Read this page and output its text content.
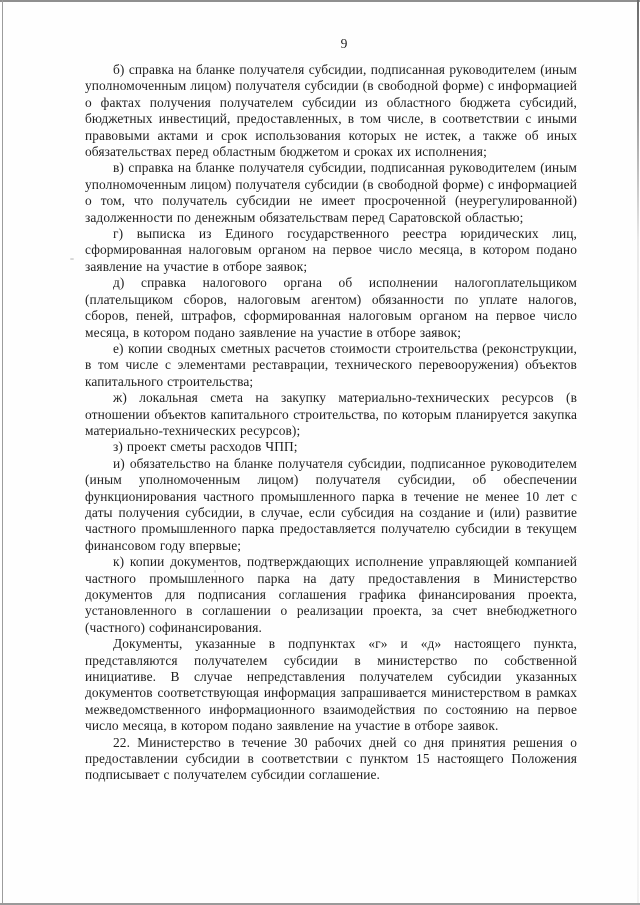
9

б) справка на бланке получателя субсидии, подписанная руководителем (иным уполномоченным лицом) получателя субсидии (в свободной форме) с информацией о фактах получения получателем субсидии из областного бюджета субсидий, бюджетных инвестиций, предоставленных, в том числе, в соответствии с иными правовыми актами и срок использования которых не истек, а также об иных обязательствах перед областным бюджетом и сроках их исполнения;

в) справка на бланке получателя субсидии, подписанная руководителем (иным уполномоченным лицом) получателя субсидии (в свободной форме) с информацией о том, что получатель субсидии не имеет просроченной (неурегулированной) задолженности по денежным обязательствам перед Саратовской областью;

г) выписка из Единого государственного реестра юридических лиц, сформированная налоговым органом на первое число месяца, в котором подано заявление на участие в отборе заявок;

д) справка налогового органа об исполнении налогоплательщиком (плательщиком сборов, налоговым агентом) обязанности по уплате налогов, сборов, пеней, штрафов, сформированная налоговым органом на первое число месяца, в котором подано заявление на участие в отборе заявок;

е) копии сводных сметных расчетов стоимости строительства (реконструкции, в том числе с элементами реставрации, технического перевооружения) объектов капитального строительства;

ж) локальная смета на закупку материально-технических ресурсов (в отношении объектов капитального строительства, по которым планируется закупка материально-технических ресурсов);

з) проект сметы расходов ЧПП;

и) обязательство на бланке получателя субсидии, подписанное руководителем (иным уполномоченным лицом) получателя субсидии, об обеспечении функционирования частного промышленного парка в течение не менее 10 лет с даты получения субсидии, в случае, если субсидия на создание и (или) развитие частного промышленного парка предоставляется получателю субсидии в текущем финансовом году впервые;

к) копии документов, подтверждающих исполнение управляющей компанией частного промышленного парка на дату предоставления в Министерство документов для подписания соглашения графика финансирования проекта, установленного в соглашении о реализации проекта, за счет внебюджетного (частного) софинансирования.

Документы, указанные в подпунктах «г» и «д» настоящего пункта, представляются получателем субсидии в министерство по собственной инициативе. В случае непредставления получателем субсидии указанных документов соответствующая информация запрашивается министерством в рамках межведомственного информационного взаимодействия по состоянию на первое число месяца, в котором подано заявление на участие в отборе заявок.

22. Министерство в течение 30 рабочих дней со дня принятия решения о предоставлении субсидии в соответствии с пунктом 15 настоящего Положения подписывает с получателем субсидии соглашение.
